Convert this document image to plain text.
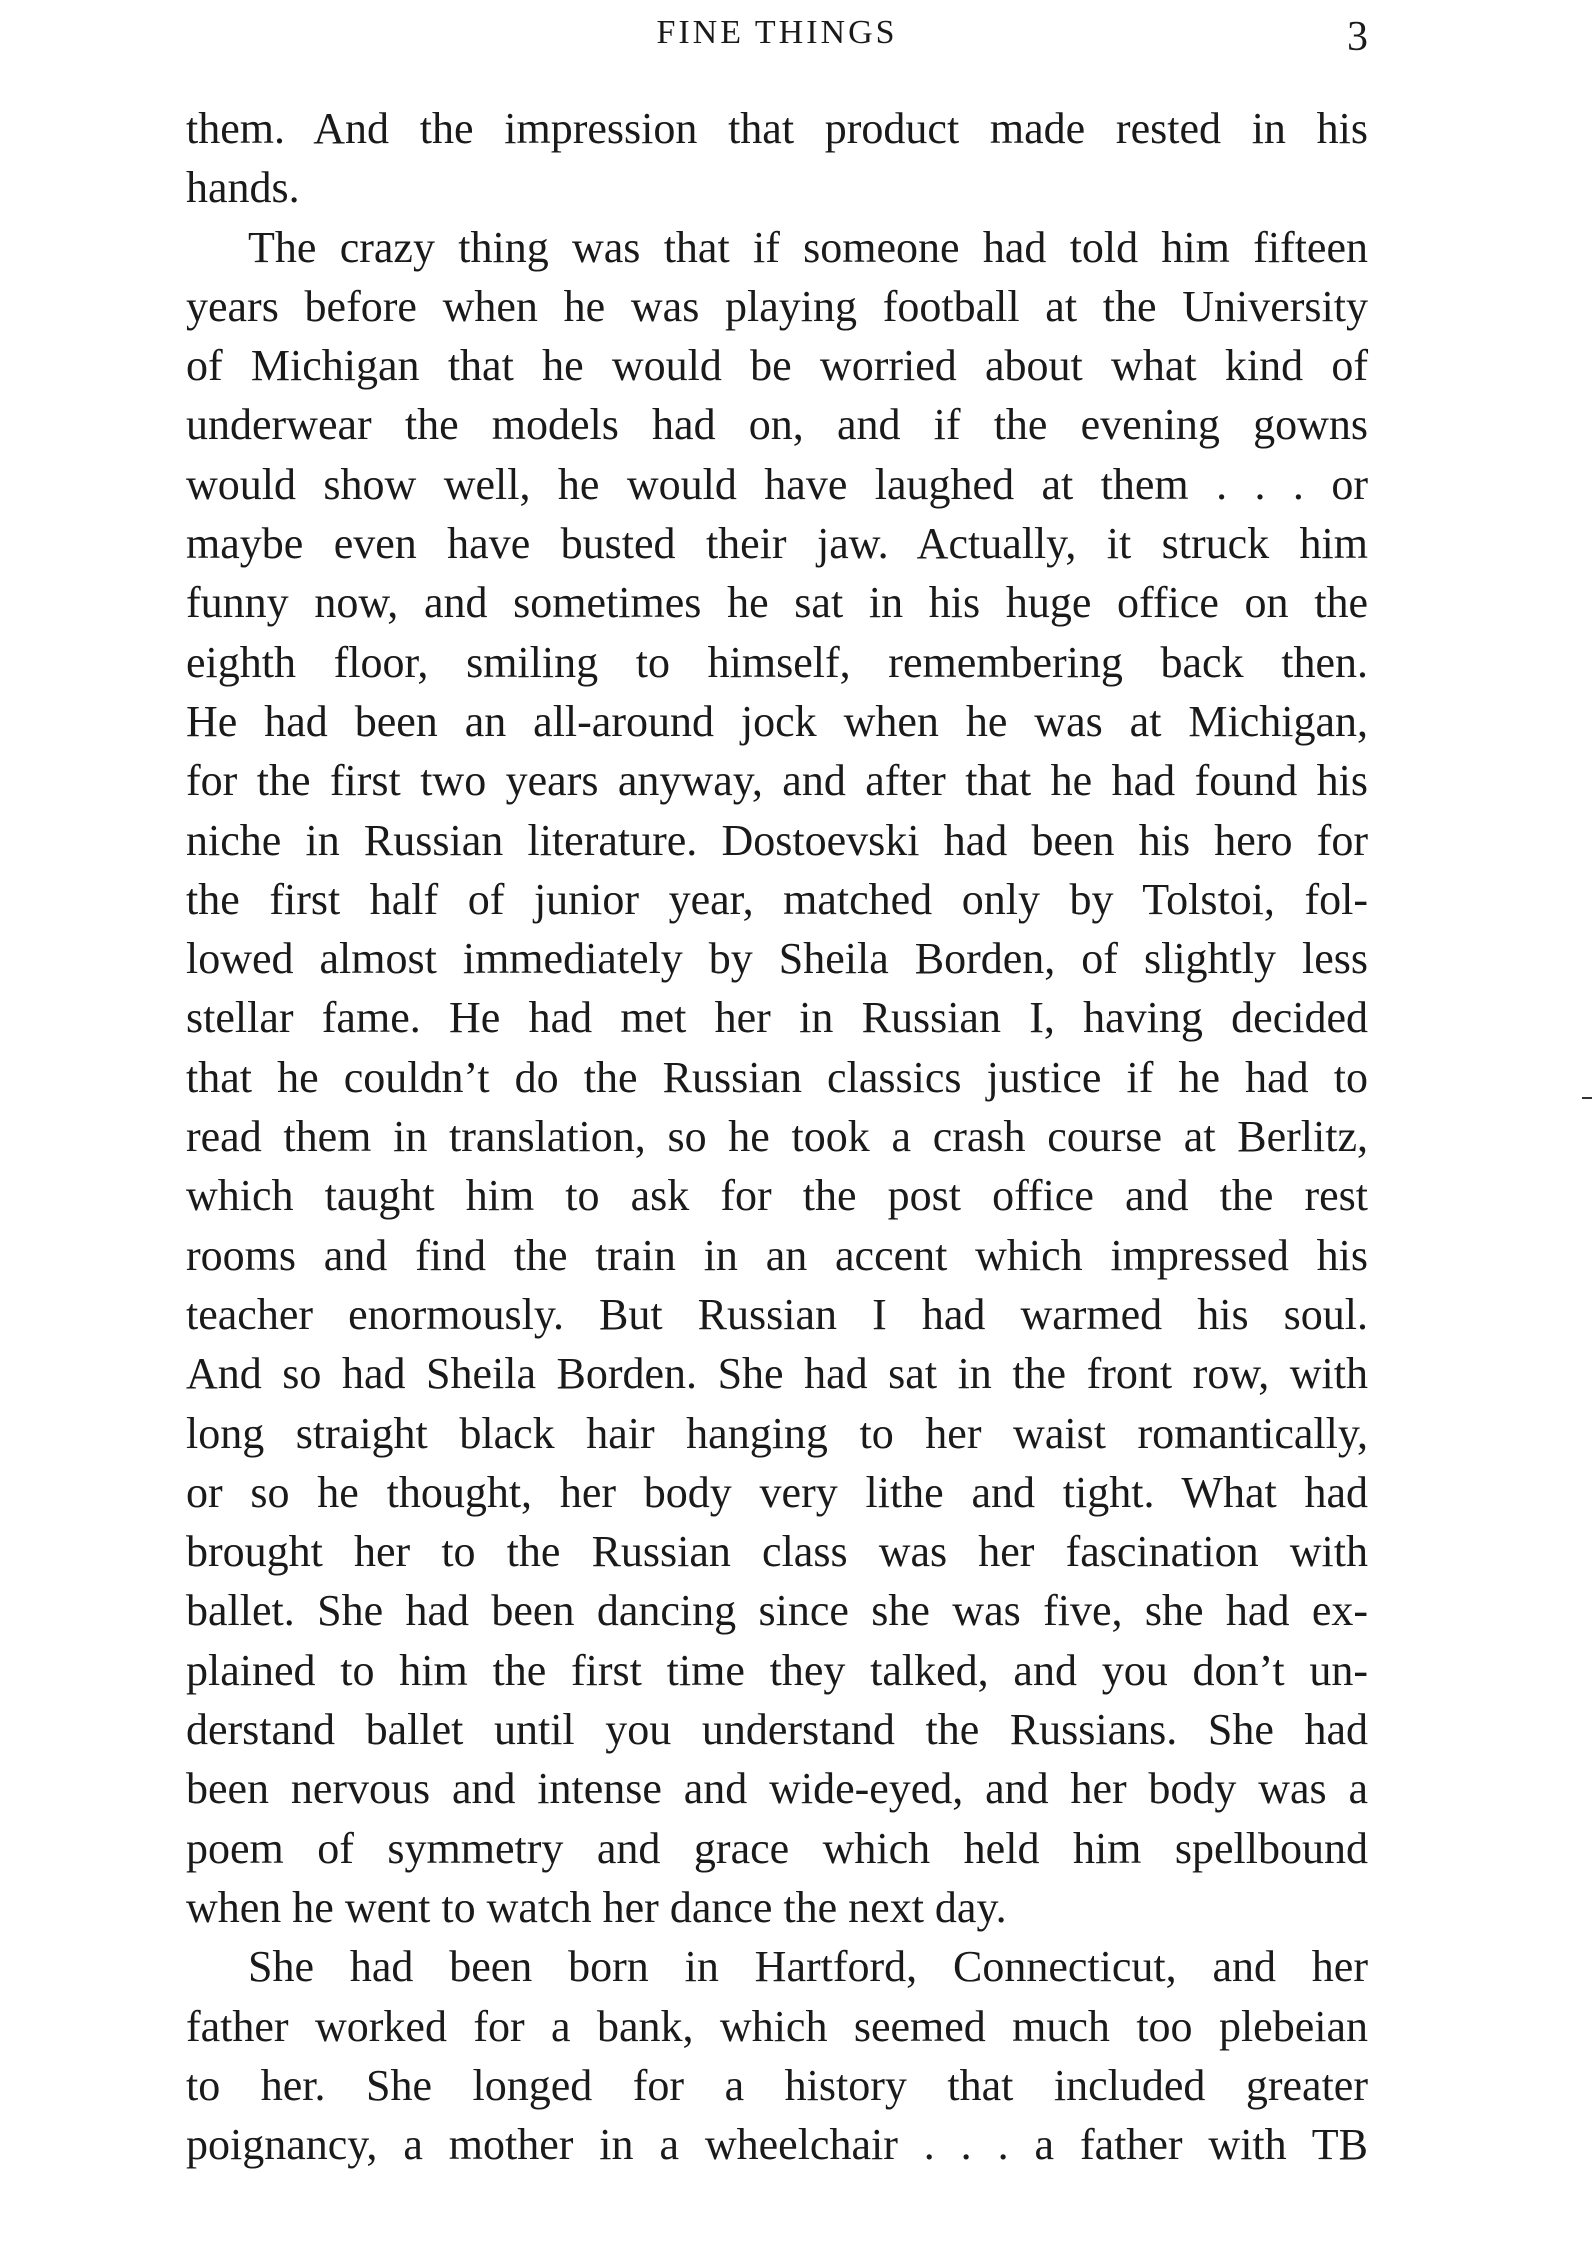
FINE THINGS	3
them. And the impression that product made rested in his
hands.
The crazy thing was that if someone had told him fifteen
years before when he was playing football at the University
of Michigan that he would be worried about what kind of
underwear the models had on, and if the evening gowns
would show well, he would have laughed at them . . . or
maybe even have busted their jaw. Actually, it struck him
funny now, and sometimes he sat in his huge office on the
eighth floor, smiling to himself, remembering back then.
He had been an all-around jock when he was at Michigan,
for the first two years anyway, and after that he had found his
niche in Russian literature. Dostoevski had been his hero for
the first half of junior year, matched only by Tolstoi, fol-
lowed almost immediately by Sheila Borden, of slightly less
stellar fame. He had met her in Russian I, having decided
that he couldn’t do the Russian classics justice if he had to
read them in translation, so he took a crash course at Berlitz,
which taught him to ask for the post office and the rest
rooms and find the train in an accent which impressed his
teacher enormously. But Russian I had warmed his soul.
And so had Sheila Borden. She had sat in the front row, with
long straight black hair hanging to her waist romantically,
or so he thought, her body very lithe and tight. What had
brought her to the Russian class was her fascination with
ballet. She had been dancing since she was five, she had ex-
plained to him the first time they talked, and you don’t un-
derstand ballet until you understand the Russians. She had
been nervous and intense and wide-eyed, and her body was a
poem of symmetry and grace which held him spellbound
when he went to watch her dance the next day.
She had been born in Hartford, Connecticut, and her
father worked for a bank, which seemed much too plebeian
to her. She longed for a history that included greater
poignancy, a mother in a wheelchair . . . a father with TB
